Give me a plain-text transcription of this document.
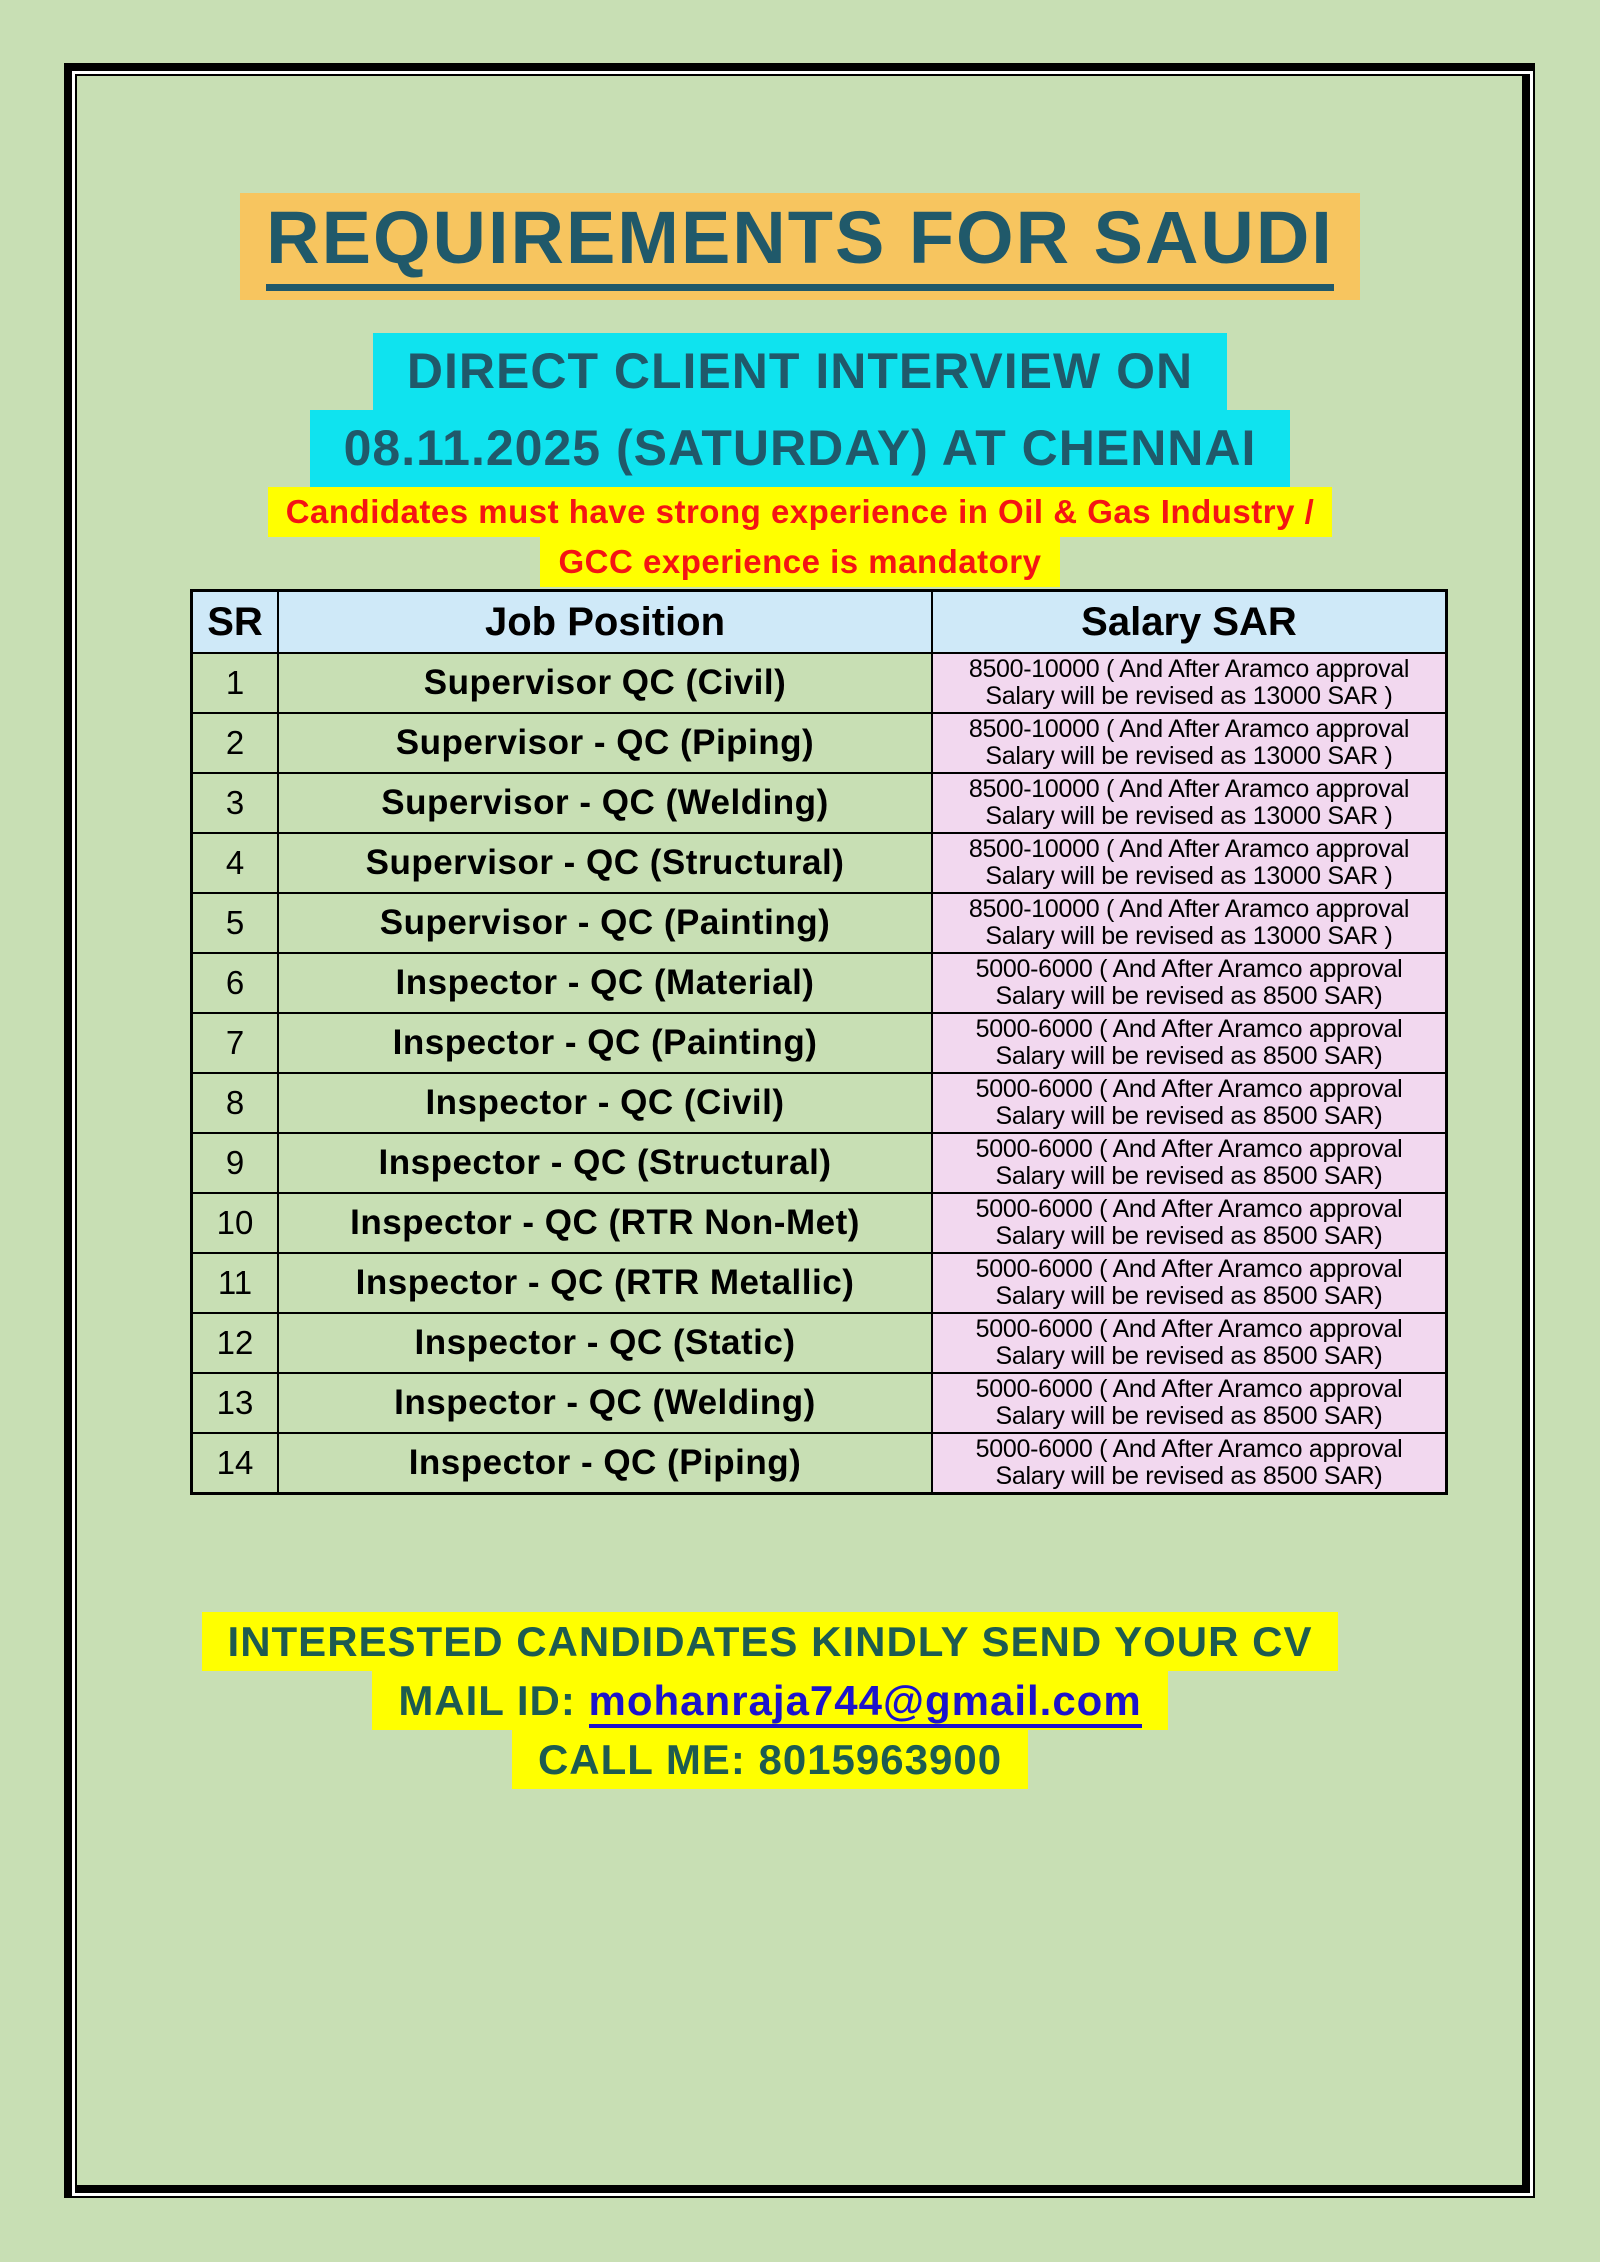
REQUIREMENTS FOR SAUDI
DIRECT CLIENT INTERVIEW ON
08.11.2025 (SATURDAY) AT CHENNAI
Candidates must have strong experience in Oil & Gas Industry /
GCC experience is mandatory
SR	Job Position	Salary SAR
1	Supervisor QC (Civil)	8500-10000 ( And After Aramco approval
Salary will be revised as 13000 SAR )

2	Supervisor - QC (Piping)	8500-10000 ( And After Aramco approval
Salary will be revised as 13000 SAR )

3	Supervisor - QC (Welding)	8500-10000 ( And After Aramco approval
Salary will be revised as 13000 SAR )

4	Supervisor - QC (Structural)	8500-10000 ( And After Aramco approval
Salary will be revised as 13000 SAR )

5	Supervisor - QC (Painting)	8500-10000 ( And After Aramco approval
Salary will be revised as 13000 SAR )

6	Inspector - QC (Material)	5000-6000 ( And After Aramco approval
Salary will be revised as 8500 SAR)

7	Inspector - QC (Painting)	5000-6000 ( And After Aramco approval
Salary will be revised as 8500 SAR)

8	Inspector - QC (Civil)	5000-6000 ( And After Aramco approval
Salary will be revised as 8500 SAR)

9	Inspector - QC (Structural)	5000-6000 ( And After Aramco approval
Salary will be revised as 8500 SAR)

10	Inspector - QC (RTR Non-Met)	5000-6000 ( And After Aramco approval
Salary will be revised as 8500 SAR)

11	Inspector - QC (RTR Metallic)	5000-6000 ( And After Aramco approval
Salary will be revised as 8500 SAR)

12	Inspector - QC (Static)	5000-6000 ( And After Aramco approval
Salary will be revised as 8500 SAR)

13	Inspector - QC (Welding)	5000-6000 ( And After Aramco approval
Salary will be revised as 8500 SAR)

14	Inspector - QC (Piping)	5000-6000 ( And After Aramco approval
Salary will be revised as 8500 SAR)
INTERESTED CANDIDATES KINDLY SEND YOUR CV
MAIL ID: mohanraja744@gmail.com
CALL ME: 8015963900
